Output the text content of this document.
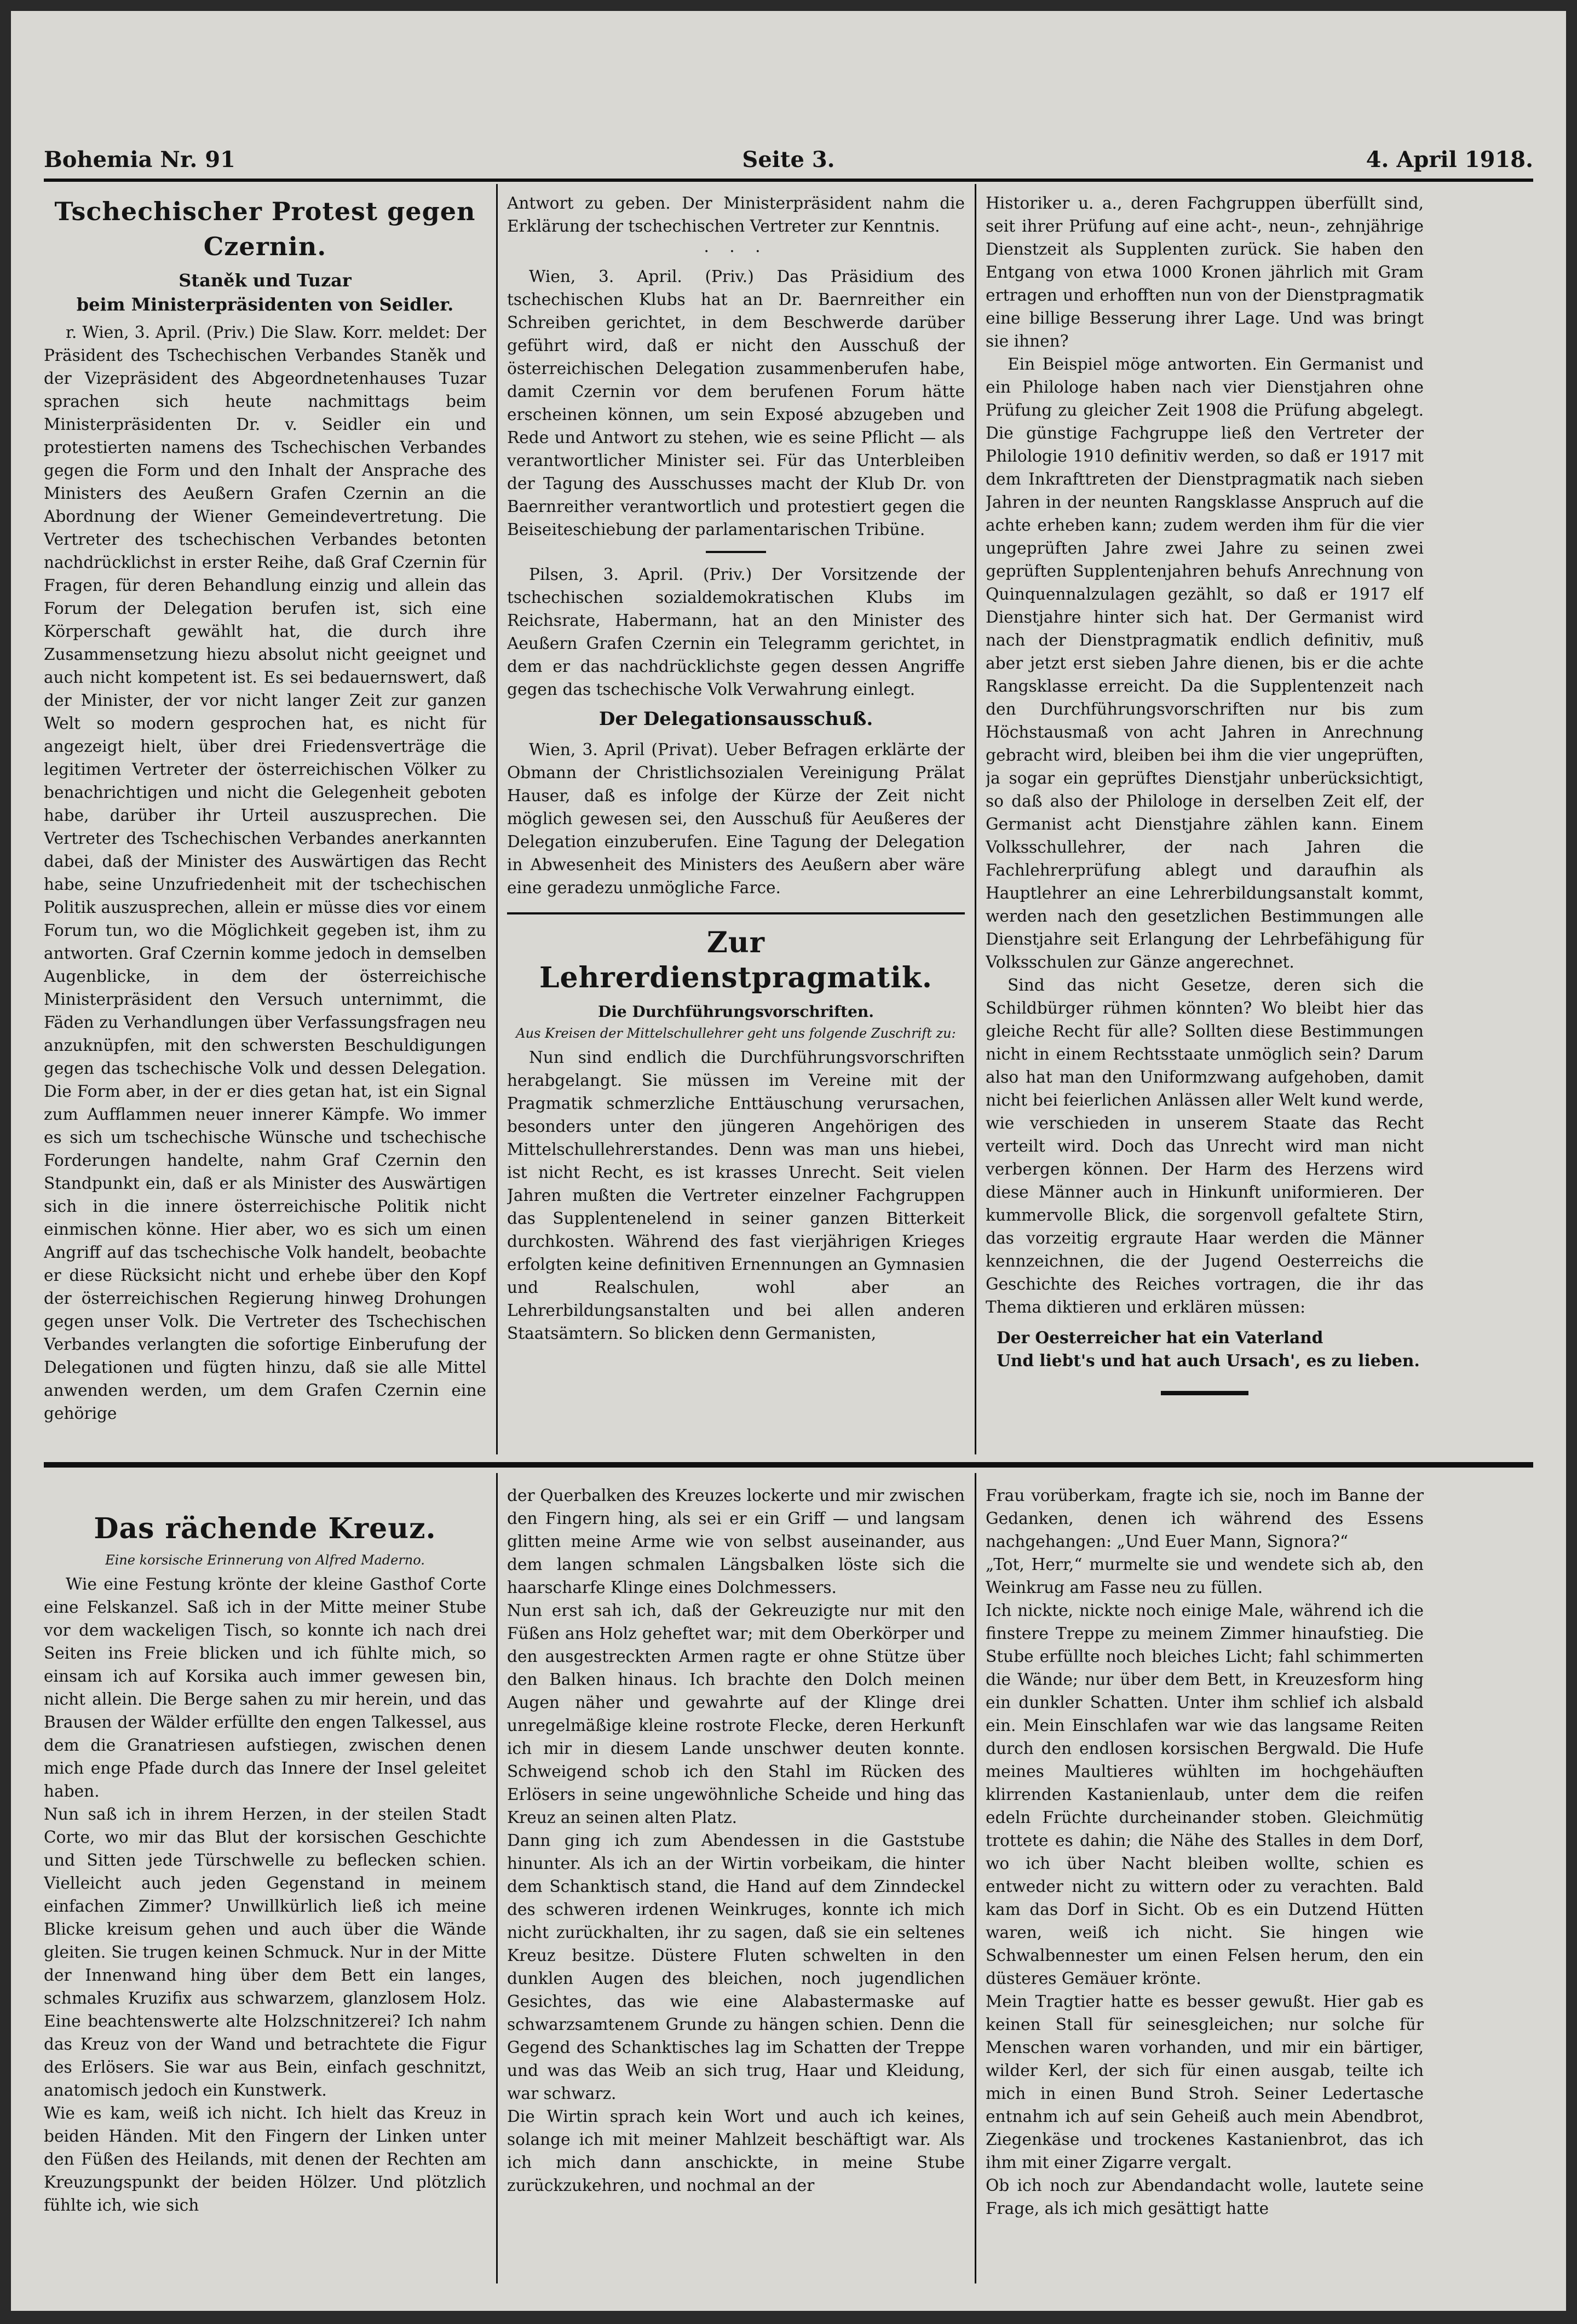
Bohemia Nr. 91	Seite 3.	4. April 1918.
Tschechischer Protest gegen Czernin.
Staněk und Tuzar
beim Ministerpräsidenten von Seidler.

r. Wien, 3. April. (Priv.) Die Slaw. Korr. meldet: Der Präsident des Tschechischen Verbandes Staněk und der Vizepräsident des Abgeordnetenhauses Tuzar sprachen sich heute nachmittags beim Ministerpräsidenten Dr. v. Seidler ein und protestierten namens des Tschechischen Verbandes gegen die Form und den Inhalt der Ansprache des Ministers des Aeußern Grafen Czernin an die Abordnung der Wiener Gemeindevertretung. Die Vertreter des tschechischen Verbandes betonten nachdrücklichst in erster Reihe, daß Graf Czernin für Fragen, für deren Behandlung einzig und allein das Forum der Delegation berufen ist, sich eine Körperschaft gewählt hat, die durch ihre Zusammensetzung hiezu absolut nicht geeignet und auch nicht kompetent ist. Es sei bedauernswert, daß der Minister, der vor nicht langer Zeit zur ganzen Welt so modern gesprochen hat, es nicht für angezeigt hielt, über drei Friedensverträge die legitimen Vertreter der österreichischen Völker zu benachrichtigen und nicht die Gelegenheit geboten habe, darüber ihr Urteil auszusprechen. Die Vertreter des Tschechischen Verbandes anerkannten dabei, daß der Minister des Auswärtigen das Recht habe, seine Unzufriedenheit mit der tschechischen Politik auszusprechen, allein er müsse dies vor einem Forum tun, wo die Möglichkeit gegeben ist, ihm zu antworten. Graf Czernin komme jedoch in demselben Augenblicke, in dem der österreichische Ministerpräsident den Versuch unternimmt, die Fäden zu Verhandlungen über Verfassungsfragen neu anzuknüpfen, mit den schwersten Beschuldigungen gegen das tschechische Volk und dessen Delegation. Die Form aber, in der er dies getan hat, ist ein Signal zum Aufflammen neuer innerer Kämpfe. Wo immer es sich um tschechische Wünsche und tschechische Forderungen handelte, nahm Graf Czernin den Standpunkt ein, daß er als Minister des Auswärtigen sich in die innere österreichische Politik nicht einmischen könne. Hier aber, wo es sich um einen Angriff auf das tschechische Volk handelt, beobachte er diese Rücksicht nicht und erhebe über den Kopf der österreichischen Regierung hinweg Drohungen gegen unser Volk. Die Vertreter des Tschechischen Verbandes verlangten die sofortige Einberufung der Delegationen und fügten hinzu, daß sie alle Mittel anwenden werden, um dem Grafen Czernin eine gehörige

Antwort zu geben. Der Ministerpräsident nahm die Erklärung der tschechischen Vertreter zur Kenntnis.

· · ·

Wien, 3. April. (Priv.) Das Präsidium des tschechischen Klubs hat an Dr. Baernreither ein Schreiben gerichtet, in dem Beschwerde darüber geführt wird, daß er nicht den Ausschuß der österreichischen Delegation zusammenberufen habe, damit Czernin vor dem berufenen Forum hätte erscheinen können, um sein Exposé abzugeben und Rede und Antwort zu stehen, wie es seine Pflicht — als verantwortlicher Minister sei. Für das Unterbleiben der Tagung des Ausschusses macht der Klub Dr. von Baernreither verantwortlich und protestiert gegen die Beiseiteschiebung der parlamentarischen Tribüne.

Pilsen, 3. April. (Priv.) Der Vorsitzende der tschechischen sozialdemokratischen Klubs im Reichsrate, Habermann, hat an den Minister des Aeußern Grafen Czernin ein Telegramm gerichtet, in dem er das nachdrücklichste gegen dessen Angriffe gegen das tschechische Volk Verwahrung einlegt.

Der Delegationsausschuß.

Wien, 3. April (Privat). Ueber Befragen erklärte der Obmann der Christlichsozialen Vereinigung Prälat Hauser, daß es infolge der Kürze der Zeit nicht möglich gewesen sei, den Ausschuß für Aeußeres der Delegation einzuberufen. Eine Tagung der Delegation in Abwesenheit des Ministers des Aeußern aber wäre eine geradezu unmögliche Farce.

Zur Lehrerdienstpragmatik.
Die Durchführungsvorschriften.
Aus Kreisen der Mittelschullehrer geht uns folgende Zuschrift zu:

Nun sind endlich die Durchführungsvorschriften herabgelangt. Sie müssen im Vereine mit der Pragmatik schmerzliche Enttäuschung verursachen, besonders unter den jüngeren Angehörigen des Mittelschullehrerstandes. Denn was man uns hiebei, ist nicht Recht, es ist krasses Unrecht. Seit vielen Jahren mußten die Vertreter einzelner Fachgruppen das Supplentenelend in seiner ganzen Bitterkeit durchkosten. Während des fast vierjährigen Krieges erfolgten keine definitiven Ernennungen an Gymnasien und Realschulen, wohl aber an Lehrerbildungsanstalten und bei allen anderen Staatsämtern. So blicken denn Germanisten,

Historiker u. a., deren Fachgruppen überfüllt sind, seit ihrer Prüfung auf eine acht-, neun-, zehnjährige Dienstzeit als Supplenten zurück. Sie haben den Entgang von etwa 1000 Kronen jährlich mit Gram ertragen und erhofften nun von der Dienstpragmatik eine billige Besserung ihrer Lage. Und was bringt sie ihnen?

Ein Beispiel möge antworten. Ein Germanist und ein Philologe haben nach vier Dienstjahren ohne Prüfung zu gleicher Zeit 1908 die Prüfung abgelegt. Die günstige Fachgruppe ließ den Vertreter der Philologie 1910 definitiv werden, so daß er 1917 mit dem Inkrafttreten der Dienstpragmatik nach sieben Jahren in der neunten Rangsklasse Anspruch auf die achte erheben kann; zudem werden ihm für die vier ungeprüften Jahre zwei Jahre zu seinen zwei geprüften Supplentenjahren behufs Anrechnung von Quinquennalzulagen gezählt, so daß er 1917 elf Dienstjahre hinter sich hat. Der Germanist wird nach der Dienstpragmatik endlich definitiv, muß aber jetzt erst sieben Jahre dienen, bis er die achte Rangsklasse erreicht. Da die Supplentenzeit nach den Durchführungsvorschriften nur bis zum Höchstausmaß von acht Jahren in Anrechnung gebracht wird, bleiben bei ihm die vier ungeprüften, ja sogar ein geprüftes Dienstjahr unberücksichtigt, so daß also der Philologe in derselben Zeit elf, der Germanist acht Dienstjahre zählen kann. Einem Volksschullehrer, der nach Jahren die Fachlehrerprüfung ablegt und daraufhin als Hauptlehrer an eine Lehrerbildungsanstalt kommt, werden nach den gesetzlichen Bestimmungen alle Dienstjahre seit Erlangung der Lehrbefähigung für Volksschulen zur Gänze angerechnet.

Sind das nicht Gesetze, deren sich die Schildbürger rühmen könnten? Wo bleibt hier das gleiche Recht für alle? Sollten diese Bestimmungen nicht in einem Rechtsstaate unmöglich sein? Darum also hat man den Uniformzwang aufgehoben, damit nicht bei feierlichen Anlässen aller Welt kund werde, wie verschieden in unserem Staate das Recht verteilt wird. Doch das Unrecht wird man nicht verbergen können. Der Harm des Herzens wird diese Männer auch in Hinkunft uniformieren. Der kummervolle Blick, die sorgenvoll gefaltete Stirn, das vorzeitig ergraute Haar werden die Männer kennzeichnen, die der Jugend Oesterreichs die Geschichte des Reiches vortragen, die ihr das Thema diktieren und erklären müssen:

Der Oesterreicher hat ein Vaterland

Und liebt's und hat auch Ursach', es zu lieben.

Das rächende Kreuz.
Eine korsische Erinnerung von Alfred Maderno.

Wie eine Festung krönte der kleine Gasthof Corte eine Felskanzel. Saß ich in der Mitte meiner Stube vor dem wackeligen Tisch, so konnte ich nach drei Seiten ins Freie blicken und ich fühlte mich, so einsam ich auf Korsika auch immer gewesen bin, nicht allein. Die Berge sahen zu mir herein, und das Brausen der Wälder erfüllte den engen Talkessel, aus dem die Granatriesen aufstiegen, zwischen denen mich enge Pfade durch das Innere der Insel geleitet haben.
Nun saß ich in ihrem Herzen, in der steilen Stadt Corte, wo mir das Blut der korsischen Geschichte und Sitten jede Türschwelle zu beflecken schien. Vielleicht auch jeden Gegenstand in meinem einfachen Zimmer? Unwillkürlich ließ ich meine Blicke kreisum gehen und auch über die Wände gleiten. Sie trugen keinen Schmuck. Nur in der Mitte der Innenwand hing über dem Bett ein langes, schmales Kruzifix aus schwarzem, glanzlosem Holz. Eine beachtenswerte alte Holzschnitzerei? Ich nahm das Kreuz von der Wand und betrachtete die Figur des Erlösers. Sie war aus Bein, einfach geschnitzt, anatomisch jedoch ein Kunstwerk.
Wie es kam, weiß ich nicht. Ich hielt das Kreuz in beiden Händen. Mit den Fingern der Linken unter den Füßen des Heilands, mit denen der Rechten am Kreuzungspunkt der beiden Hölzer. Und plötzlich fühlte ich, wie sich

der Querbalken des Kreuzes lockerte und mir zwischen den Fingern hing, als sei er ein Griff — und langsam glitten meine Arme wie von selbst auseinander, aus dem langen schmalen Längsbalken löste sich die haarscharfe Klinge eines Dolchmessers.
Nun erst sah ich, daß der Gekreuzigte nur mit den Füßen ans Holz geheftet war; mit dem Oberkörper und den ausgestreckten Armen ragte er ohne Stütze über den Balken hinaus. Ich brachte den Dolch meinen Augen näher und gewahrte auf der Klinge drei unregelmäßige kleine rostrote Flecke, deren Herkunft ich mir in diesem Lande unschwer deuten konnte. Schweigend schob ich den Stahl im Rücken des Erlösers in seine ungewöhnliche Scheide und hing das Kreuz an seinen alten Platz.
Dann ging ich zum Abendessen in die Gaststube hinunter. Als ich an der Wirtin vorbeikam, die hinter dem Schanktisch stand, die Hand auf dem Zinndeckel des schweren irdenen Weinkruges, konnte ich mich nicht zurückhalten, ihr zu sagen, daß sie ein seltenes Kreuz besitze. Düstere Fluten schwelten in den dunklen Augen des bleichen, noch jugendlichen Gesichtes, das wie eine Alabastermaske auf schwarzsamtenem Grunde zu hängen schien. Denn die Gegend des Schanktisches lag im Schatten der Treppe und was das Weib an sich trug, Haar und Kleidung, war schwarz.
Die Wirtin sprach kein Wort und auch ich keines, solange ich mit meiner Mahlzeit beschäftigt war. Als ich mich dann anschickte, in meine Stube zurückzukehren, und nochmal an der

Frau vorüberkam, fragte ich sie, noch im Banne der Gedanken, denen ich während des Essens nachgehangen: „Und Euer Mann, Signora?“
„Tot, Herr,“ murmelte sie und wendete sich ab, den Weinkrug am Fasse neu zu füllen.
Ich nickte, nickte noch einige Male, während ich die finstere Treppe zu meinem Zimmer hinaufstieg. Die Stube erfüllte noch bleiches Licht; fahl schimmerten die Wände; nur über dem Bett, in Kreuzesform hing ein dunkler Schatten. Unter ihm schlief ich alsbald ein. Mein Einschlafen war wie das langsame Reiten durch den endlosen korsischen Bergwald. Die Hufe meines Maultieres wühlten im hochgehäuften klirrenden Kastanienlaub, unter dem die reifen edeln Früchte durcheinander stoben. Gleichmütig trottete es dahin; die Nähe des Stalles in dem Dorf, wo ich über Nacht bleiben wollte, schien es entweder nicht zu wittern oder zu verachten. Bald kam das Dorf in Sicht. Ob es ein Dutzend Hütten waren, weiß ich nicht. Sie hingen wie Schwalbennester um einen Felsen herum, den ein düsteres Gemäuer krönte.
Mein Tragtier hatte es besser gewußt. Hier gab es keinen Stall für seinesgleichen; nur solche für Menschen waren vorhanden, und mir ein bärtiger, wilder Kerl, der sich für einen ausgab, teilte ich mich in einen Bund Stroh. Seiner Ledertasche entnahm ich auf sein Geheiß auch mein Abendbrot, Ziegenkäse und trockenes Kastanienbrot, das ich ihm mit einer Zigarre vergalt.
Ob ich noch zur Abendandacht wolle, lautete seine Frage, als ich mich gesättigt hatte
